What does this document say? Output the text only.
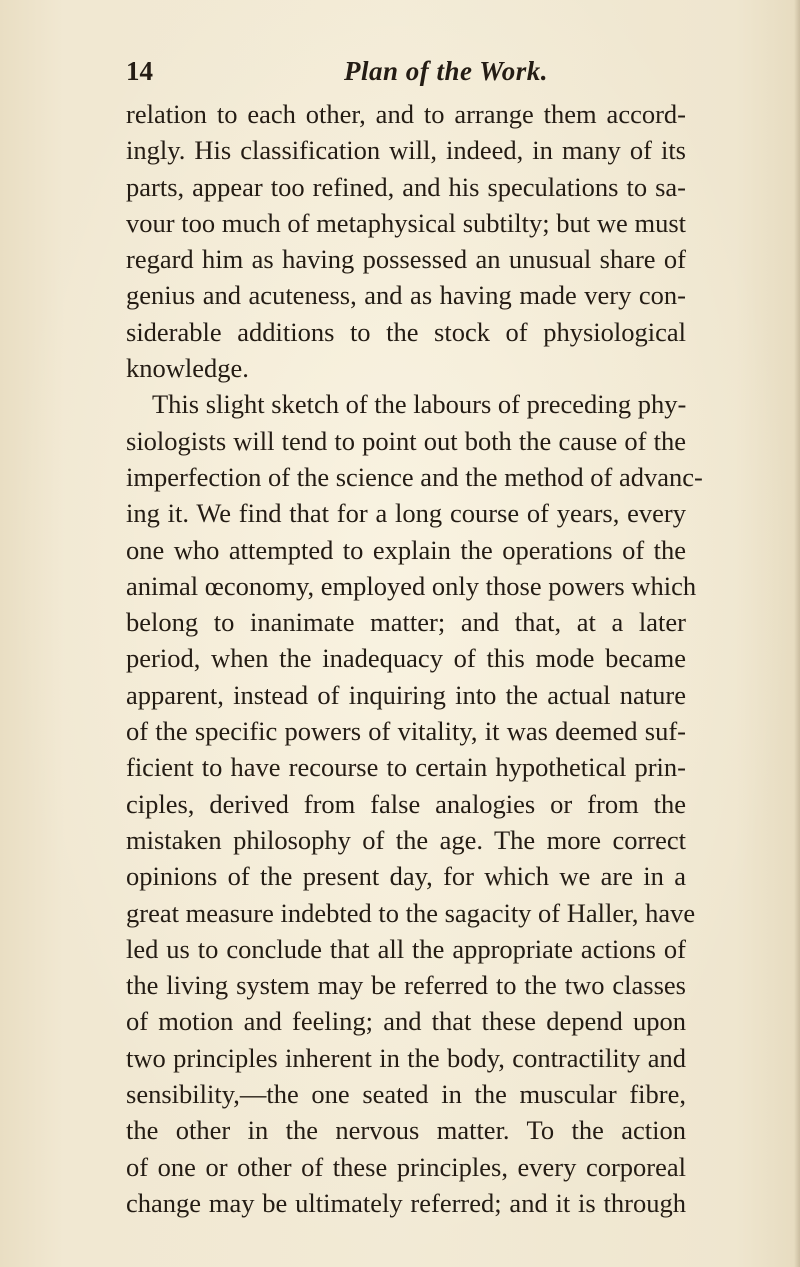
14	Plan of the Work.
relation to each other, and to arrange them accord-
ingly. His classification will, indeed, in many of its
parts, appear too refined, and his speculations to sa-
vour too much of metaphysical subtilty; but we must
regard him as having possessed an unusual share of
genius and acuteness, and as having made very con-
siderable additions to the stock of physiological
knowledge.
This slight sketch of the labours of preceding phy-
siologists will tend to point out both the cause of the
imperfection of the science and the method of advanc-
ing it. We find that for a long course of years, every
one who attempted to explain the operations of the
animal œconomy, employed only those powers which
belong to inanimate matter; and that, at a later
period, when the inadequacy of this mode became
apparent, instead of inquiring into the actual nature
of the specific powers of vitality, it was deemed suf-
ficient to have recourse to certain hypothetical prin-
ciples, derived from false analogies or from the
mistaken philosophy of the age. The more correct
opinions of the present day, for which we are in a
great measure indebted to the sagacity of Haller, have
led us to conclude that all the appropriate actions of
the living system may be referred to the two classes
of motion and feeling; and that these depend upon
two principles inherent in the body, contractility and
sensibility,—the one seated in the muscular fibre,
the other in the nervous matter. To the action
of one or other of these principles, every corporeal
change may be ultimately referred; and it is through
